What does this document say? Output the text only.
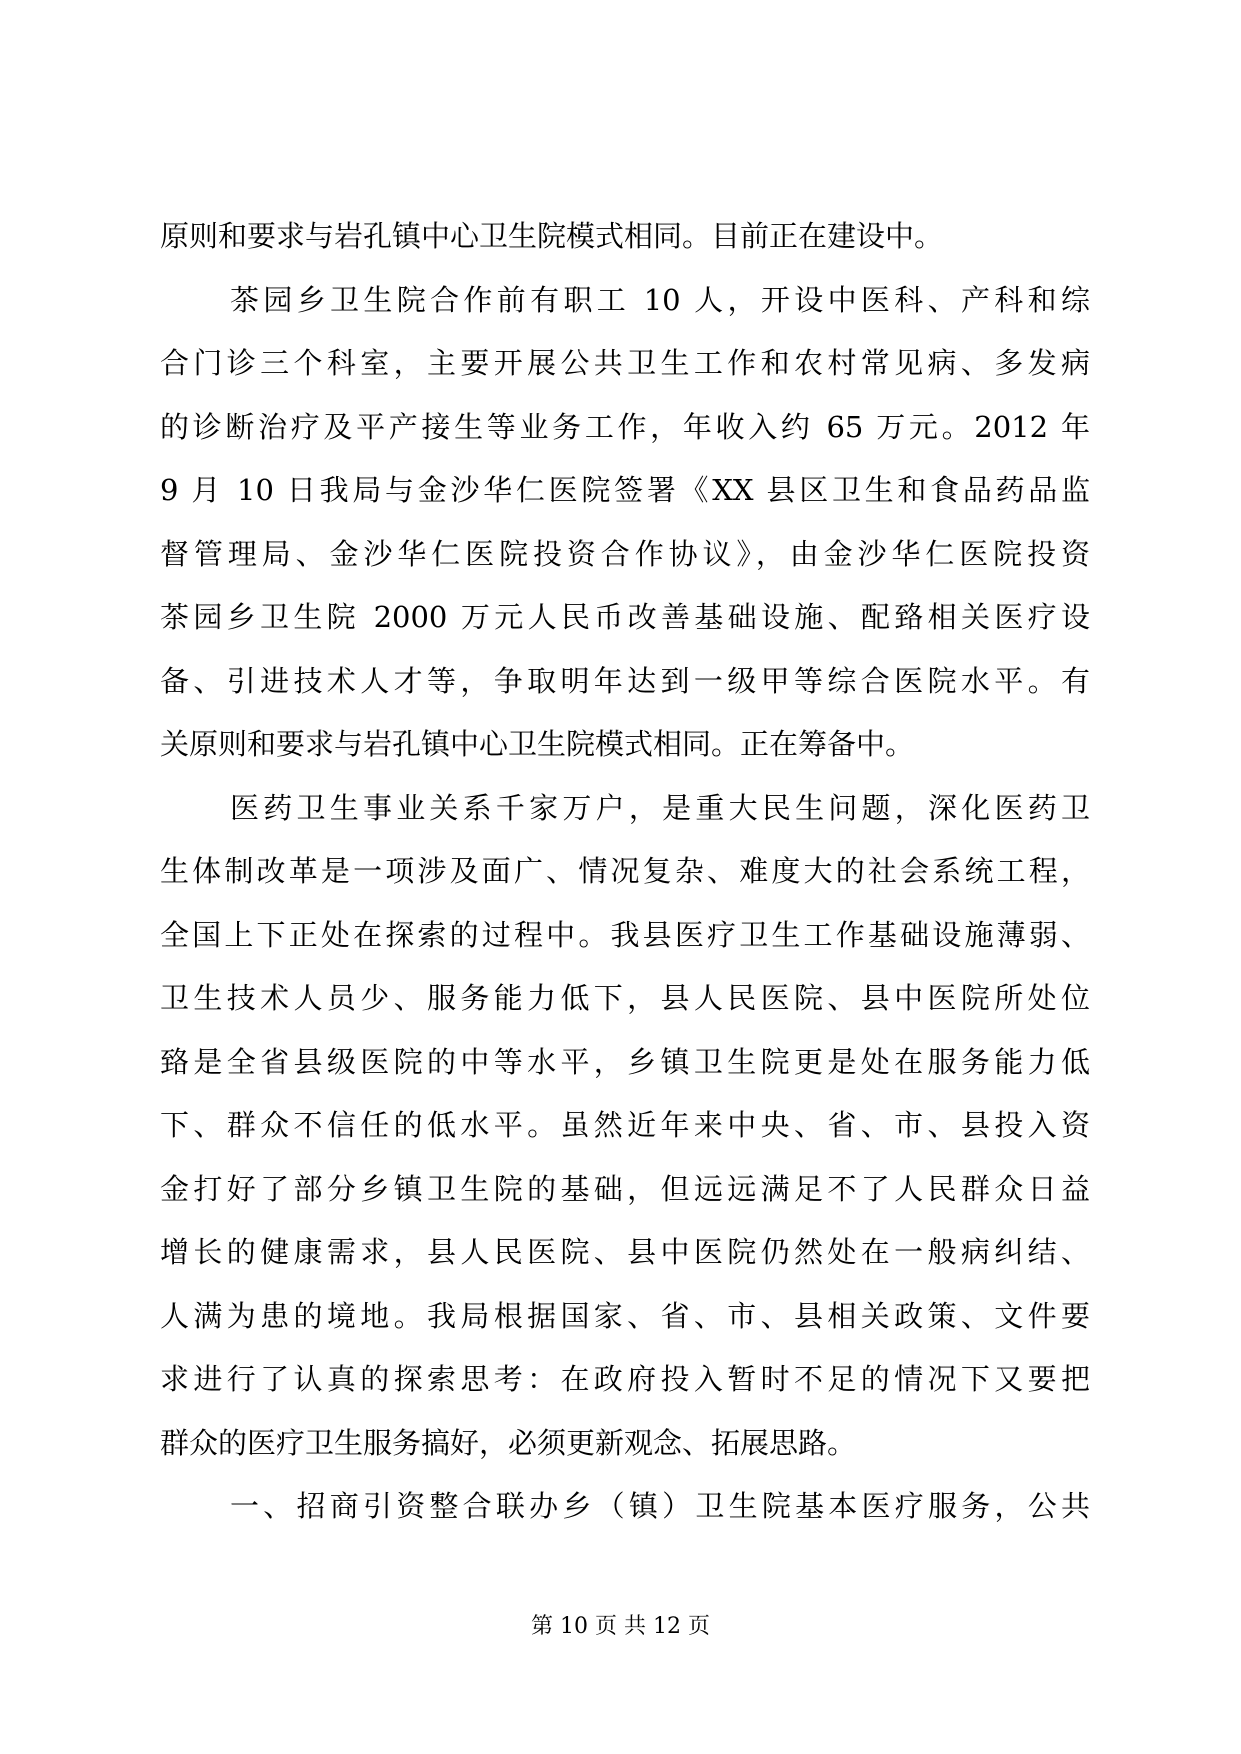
原则和要求与岩孔镇中心卫生院模式相同。目前正在建设中。
茶园乡卫生院合作前有职工 10 人，开设中医科、产科和综
合门诊三个科室，主要开展公共卫生工作和农村常见病、多发病
的诊断治疗及平产接生等业务工作，年收入约 65 万元。2012 年
9 月 10 日我局与金沙华仁医院签署《XX 县区卫生和食品药品监
督管理局、金沙华仁医院投资合作协议》，由金沙华仁医院投资
茶园乡卫生院 2000 万元人民币改善基础设施、配臵相关医疗设
备、引进技术人才等，争取明年达到一级甲等综合医院水平。有
关原则和要求与岩孔镇中心卫生院模式相同。正在筹备中。
医药卫生事业关系千家万户，是重大民生问题，深化医药卫
生体制改革是一项涉及面广、情况复杂、难度大的社会系统工程，
全国上下正处在探索的过程中。我县医疗卫生工作基础设施薄弱、
卫生技术人员少、服务能力低下，县人民医院、县中医院所处位
臵是全省县级医院的中等水平，乡镇卫生院更是处在服务能力低
下、群众不信任的低水平。虽然近年来中央、省、市、县投入资
金打好了部分乡镇卫生院的基础，但远远满足不了人民群众日益
增长的健康需求，县人民医院、县中医院仍然处在一般病纠结、
人满为患的境地。我局根据国家、省、市、县相关政策、文件要
求进行了认真的探索思考：在政府投入暂时不足的情况下又要把
群众的医疗卫生服务搞好，必须更新观念、拓展思路。
一、招商引资整合联办乡（镇）卫生院基本医疗服务，公共
第 10 页 共 12 页
